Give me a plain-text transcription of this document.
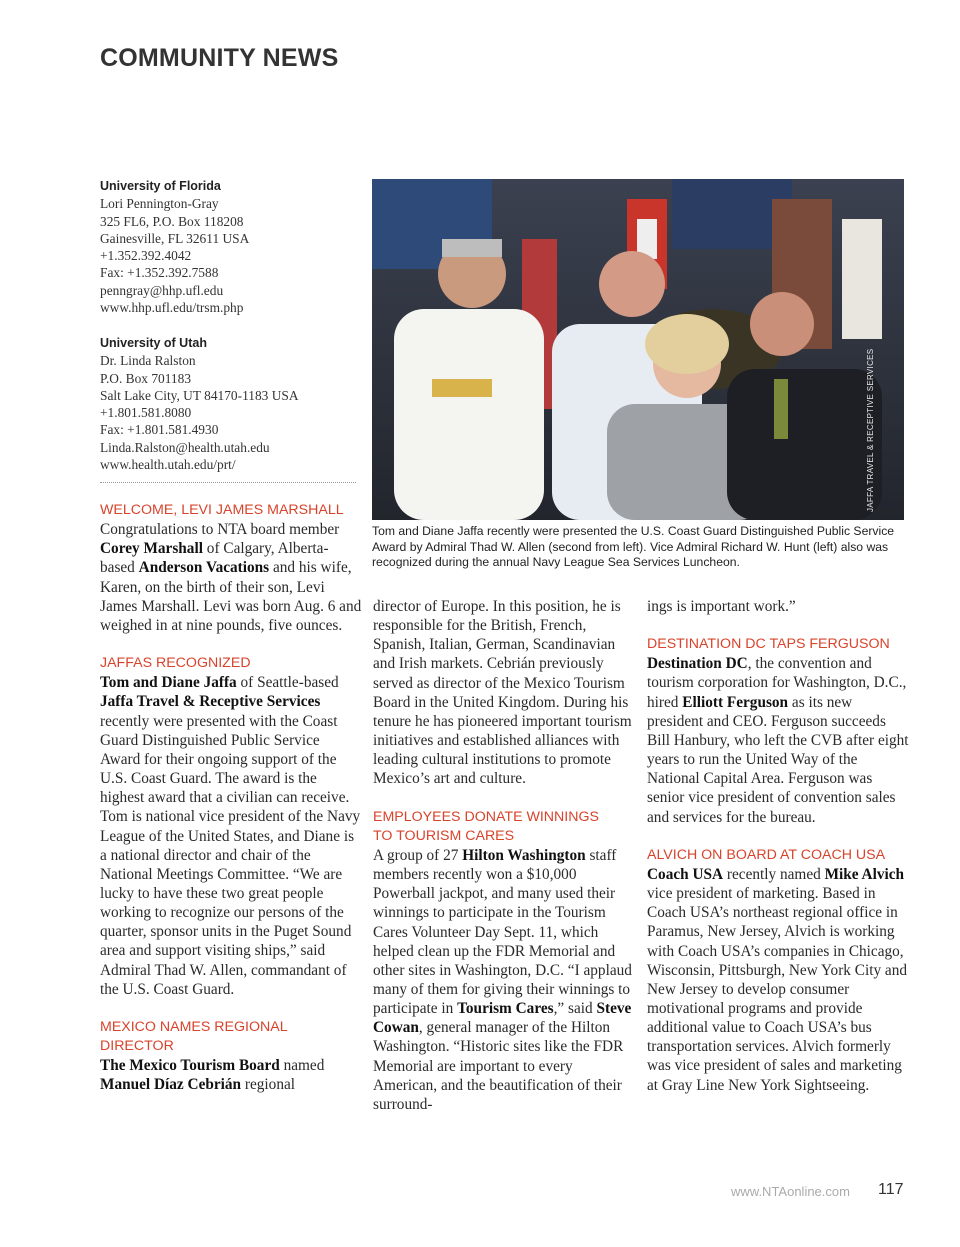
COMMUNITY NEWS
University of Florida
Lori Pennington-Gray
325 FL6, P.O. Box 118208
Gainesville, FL 32611 USA
+1.352.392.4042
Fax: +1.352.392.7588
penngray@hhp.ufl.edu
www.hhp.ufl.edu/trsm.php
University of Utah
Dr. Linda Ralston
P.O. Box 701183
Salt Lake City, UT 84170-1183 USA
+1.801.581.8080
Fax: +1.801.581.4930
Linda.Ralston@health.utah.edu
www.health.utah.edu/prt/	JAFFA TRAVEL & RECEPTIVE SERVICES
Tom and Diane Jaffa recently were presented the U.S. Coast Guard Distinguished Public Service Award by Admiral Thad W. Allen (second from left). Vice Admiral Richard W. Hunt (left) also was recognized during the annual Navy League Sea Services Luncheon.

WELCOME, LEVI JAMES MARSHALL

Congratulations to NTA board member Corey Marshall of Calgary, Alberta-based Anderson Vacations and his wife, Karen, on the birth of their son, Levi James Marshall. Levi was born Aug. 6 and weighed in at nine pounds, five ounces.

JAFFAS RECOGNIZED

Tom and Diane Jaffa of Seattle-based Jaffa Travel & Receptive Services recently were presented with the Coast Guard Distinguished Public Service Award for their ongoing support of the U.S. Coast Guard. The award is the highest award that a civilian can receive. Tom is national vice president of the Navy League of the United States, and Diane is a national director and chair of the National Meetings Committee. “We are lucky to have these two great people working to recognize our persons of the quarter, sponsor units in the Puget Sound area and support visiting ships,” said Admiral Thad W. Allen, commandant of the U.S. Coast Guard.

MEXICO NAMES REGIONAL

DIRECTOR

The Mexico Tourism Board named Manuel Díaz Cebrián regional

director of Europe. In this position, he is responsible for the British, French, Spanish, Italian, German, Scandinavian and Irish markets. Cebrián previously served as director of the Mexico Tourism Board in the United Kingdom. During his tenure he has pioneered important tourism initiatives and established alliances with leading cultural institutions to promote Mexico’s art and culture.

EMPLOYEES DONATE WINNINGS

TO TOURISM CARES

A group of 27 Hilton Washington staff members recently won a $10,000 Powerball jackpot, and many used their winnings to participate in the Tourism Cares Volunteer Day Sept. 11, which helped clean up the FDR Memorial and other sites in Washington, D.C. “I applaud many of them for giving their winnings to participate in Tourism Cares,” said Steve Cowan, general manager of the Hilton Washington. “Historic sites like the FDR Memorial are important to every American, and the beautification of their surround-

ings is important work.”

DESTINATION DC TAPS FERGUSON

Destination DC, the convention and tourism corporation for Washington, D.C., hired Elliott Ferguson as its new president and CEO. Ferguson succeeds Bill Hanbury, who left the CVB after eight years to run the United Way of the National Capital Area. Ferguson was senior vice president of convention sales and services for the bureau.

ALVICH ON BOARD AT COACH USA

Coach USA recently named Mike Alvich vice president of marketing. Based in Coach USA’s northeast regional office in Paramus, New Jersey, Alvich is working with Coach USA’s companies in Chicago, Wisconsin, Pittsburgh, New York City and New Jersey to develop consumer motivational programs and provide additional value to Coach USA’s bus transportation services. Alvich formerly was vice president of sales and marketing at Gray Line New York Sightseeing.

www.NTAonline.com 117
